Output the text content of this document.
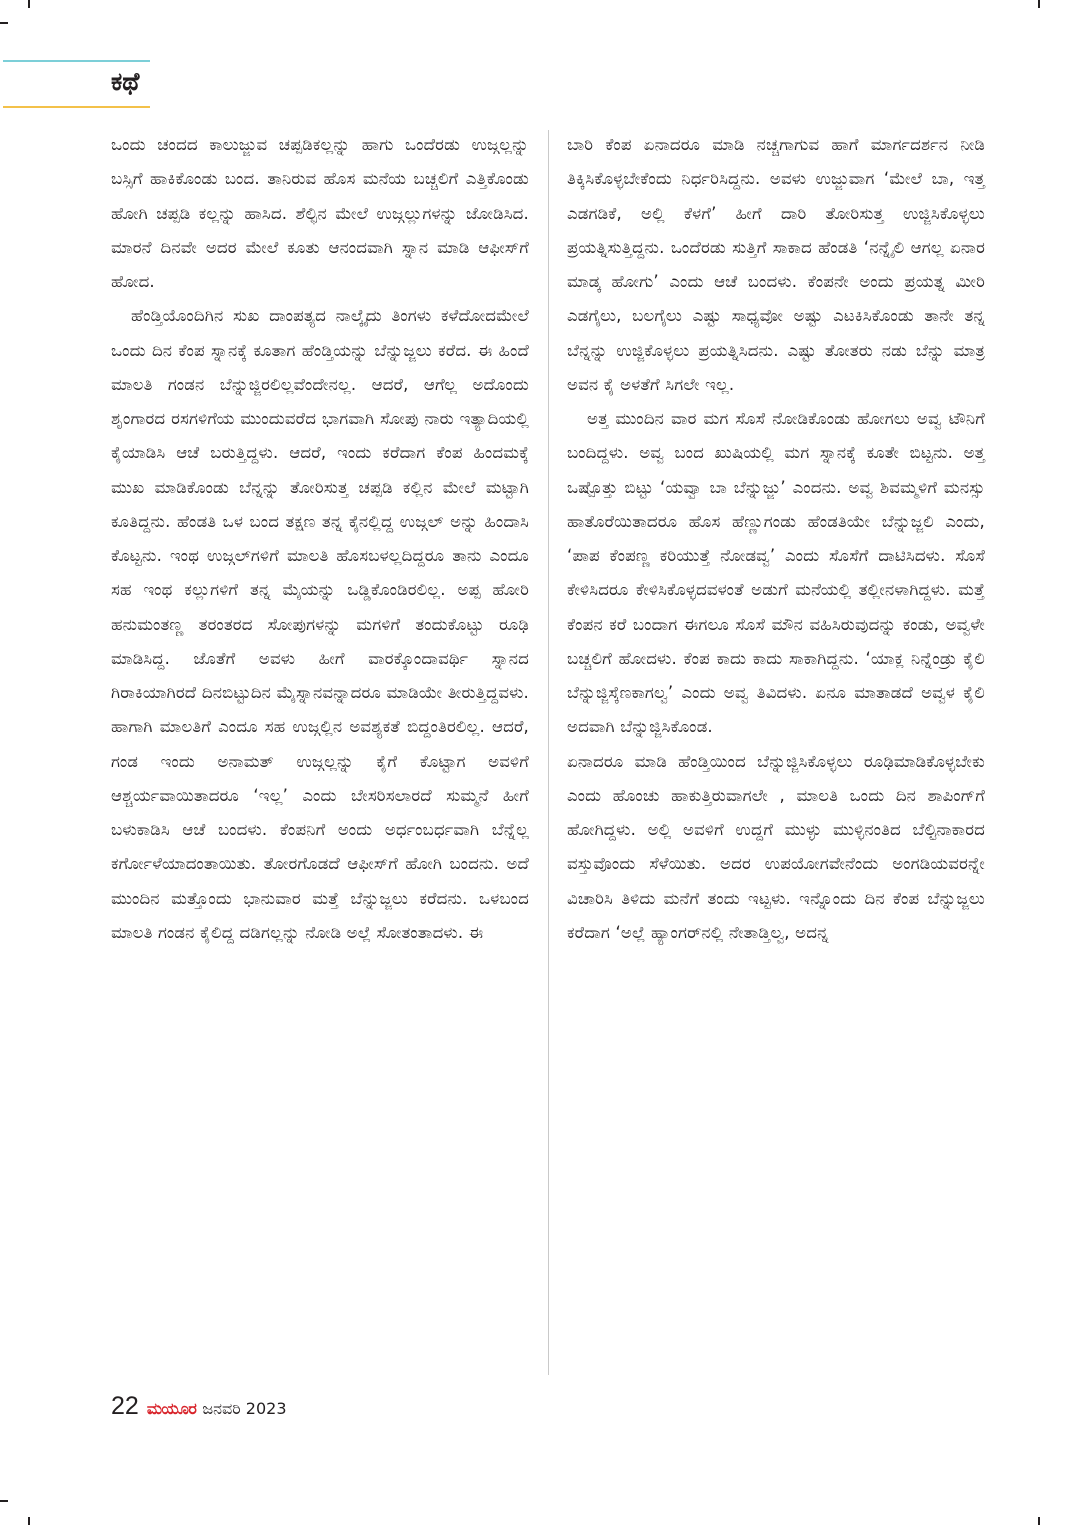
ಕಥೆ

ಒಂದು ಚಂದದ ಕಾಲುಜ್ಜುವ ಚಪ್ಪಡಿಕಲ್ಲನ್ನು ಹಾಗು ಒಂದೆರಡು ಉಜ್ಗಲ್ಲನ್ನು ಬಸ್ಸಿಗೆ ಹಾಕಿಕೊಂಡು ಬಂದ. ತಾನಿರುವ ಹೊಸ ಮನೆಯ ಬಚ್ಚಲಿಗೆ ಎತ್ತಿಕೊಂಡು ಹೋಗಿ ಚಪ್ಪಡಿ ಕಲ್ಲನ್ನು ಹಾಸಿದ. ಶೆಲ್ಫಿನ ಮೇಲೆ ಉಜ್ಗಲ್ಲುಗಳನ್ನು ಜೋಡಿಸಿದ. ಮಾರನೆ ದಿನವೇ ಅದರ ಮೇಲೆ ಕೂತು ಆನಂದವಾಗಿ ಸ್ನಾನ ಮಾಡಿ ಆಫೀಸ್‌ಗೆ ಹೋದ.

ಹೆಂಡ್ತಿಯೊಂದಿಗಿನ ಸುಖ ದಾಂಪತ್ಯದ ನಾಲ್ಕೈದು ತಿಂಗಳು ಕಳೆದೋದಮೇಲೆ ಒಂದು ದಿನ ಕೆಂಪ ಸ್ನಾನಕ್ಕೆ ಕೂತಾಗ ಹೆಂಡ್ತಿಯನ್ನು ಬೆನ್ನುಜ್ಜಲು ಕರೆದ. ಈ ಹಿಂದೆ ಮಾಲತಿ ಗಂಡನ ಬೆನ್ನುಜ್ಜಿರಲಿಲ್ಲವೆಂದೇನಲ್ಲ. ಆದರೆ, ಆಗೆಲ್ಲ ಅದೊಂದು ಶೃಂಗಾರದ ರಸಗಳಿಗೆಯ ಮುಂದುವರೆದ ಭಾಗವಾಗಿ ಸೋಪು ನಾರು ಇತ್ಯಾದಿಯಲ್ಲಿ ಕೈಯಾಡಿಸಿ ಆಚೆ ಬರುತ್ತಿದ್ದಳು. ಆದರೆ, ಇಂದು ಕರೆದಾಗ ಕೆಂಪ ಹಿಂದಮಕ್ಕೆ ಮುಖ ಮಾಡಿಕೊಂಡು ಬೆನ್ನನ್ನು ತೋರಿಸುತ್ತ ಚಪ್ಪಡಿ ಕಲ್ಲಿನ ಮೇಲೆ ಮಟ್ಟಾಗಿ ಕೂತಿದ್ದನು. ಹೆಂಡತಿ ಒಳ ಬಂದ ತಕ್ಷಣ ತನ್ನ ಕೈನಲ್ಲಿದ್ದ ಉಜ್ಗಲ್ ಅನ್ನು ಹಿಂದಾಸಿ ಕೊಟ್ಟನು. ಇಂಥ ಉಜ್ಗಲ್‌ಗಳಿಗೆ ಮಾಲತಿ ಹೊಸಬಳಲ್ಲದಿದ್ದರೂ ತಾನು ಎಂದೂ ಸಹ ಇಂಥ ಕಲ್ಲುಗಳಿಗೆ ತನ್ನ ಮೈಯನ್ನು ಒಡ್ಡಿಕೊಂಡಿರಲಿಲ್ಲ. ಅಪ್ಪ ಹೋರಿ ಹನುಮಂತಣ್ಣ ತರಂತರದ ಸೋಪುಗಳನ್ನು ಮಗಳಿಗೆ ತಂದುಕೊಟ್ಟು ರೂಢಿ ಮಾಡಿಸಿದ್ದ. ಜೊತೆಗೆ ಅವಳು ಹೀಗೆ ವಾರಕ್ಕೊಂದಾವರ್ಥಿ ಸ್ನಾನದ ಗಿರಾಕಿಯಾಗಿರದೆ ದಿನಬಿಟ್ಟುದಿನ ಮೈಸ್ನಾನವನ್ನಾದರೂ ಮಾಡಿಯೇ ತೀರುತ್ತಿದ್ದವಳು. ಹಾಗಾಗಿ ಮಾಲತಿಗೆ ಎಂದೂ ಸಹ ಉಜ್ಗಲ್ಲಿನ ಅವಶ್ಯಕತೆ ಬಿದ್ದಂತಿರಲಿಲ್ಲ. ಆದರೆ, ಗಂಡ ಇಂದು ಅನಾಮತ್ ಉಜ್ಗಲ್ಲನ್ನು ಕೈಗೆ ಕೊಟ್ಟಾಗ ಅವಳಿಗೆ ಆಶ್ಚರ್ಯವಾಯಿತಾದರೂ ‘ಇಲ್ಲ’ ಎಂದು ಬೇಸರಿಸಲಾರದೆ ಸುಮ್ಮನೆ ಹೀಗೆ ಬಳುಕಾಡಿಸಿ ಆಚೆ ಬಂದಳು. ಕೆಂಪನಿಗೆ ಅಂದು ಅರ್ಧಂಬರ್ಧವಾಗಿ ಬೆನ್ನೆಲ್ಲ ಕರ್ಗೋಳೆಯಾದಂತಾಯಿತು. ತೋರಗೊಡದೆ ಆಫೀಸ್‌ಗೆ ಹೋಗಿ ಬಂದನು. ಅದೆ ಮುಂದಿನ ಮತ್ತೊಂದು ಭಾನುವಾರ ಮತ್ತೆ ಬೆನ್ನುಜ್ಜಲು ಕರೆದನು. ಒಳಬಂದ ಮಾಲತಿ ಗಂಡನ ಕೈಲಿದ್ದ ದಡಿಗಲ್ಲನ್ನು ನೋಡಿ ಅಲ್ಲೆ ಸೋತಂತಾದಳು. ಈ

ಬಾರಿ ಕೆಂಪ ಏನಾದರೂ ಮಾಡಿ ನಚ್ಚಗಾಗುವ ಹಾಗೆ ಮಾರ್ಗದರ್ಶನ ನೀಡಿ ತಿಕ್ಕಿಸಿಕೊಳ್ಳಬೇಕೆಂದು ನಿರ್ಧರಿಸಿದ್ದನು. ಅವಳು ಉಜ್ಜುವಾಗ ‘ಮೇಲೆ ಬಾ, ಇತ್ತ ಎಡಗಡಿಕೆ, ಅಲ್ಲಿ ಕೆಳಗೆ’ ಹೀಗೆ ದಾರಿ ತೋರಿಸುತ್ತ ಉಜ್ಜಿಸಿಕೊಳ್ಳಲು ಪ್ರಯತ್ನಿಸುತ್ತಿದ್ದನು. ಒಂದೆರಡು ಸುತ್ತಿಗೆ ಸಾಕಾದ ಹೆಂಡತಿ ‘ನನ್ನೈಲಿ ಆಗಲ್ಲ ಏನಾರ ಮಾಡ್ಕ ಹೋಗು’ ಎಂದು ಆಚೆ ಬಂದಳು. ಕೆಂಪನೇ ಅಂದು ಪ್ರಯತ್ನ ಮೀರಿ ಎಡಗೈಲು, ಬಲಗೈಲು ಎಷ್ಟು ಸಾಧ್ಯವೋ ಅಷ್ಟು ಎಟಕಿಸಿಕೊಂಡು ತಾನೇ ತನ್ನ ಬೆನ್ನನ್ನು ಉಜ್ಜಿಕೊಳ್ಳಲು ಪ್ರಯತ್ನಿಸಿದನು. ಎಷ್ಟು ತೋತರು ನಡು ಬೆನ್ನು ಮಾತ್ರ ಅವನ ಕೈ ಅಳತೆಗೆ ಸಿಗಲೇ ಇಲ್ಲ.

ಅತ್ತ ಮುಂದಿನ ವಾರ ಮಗ ಸೊಸೆ ನೋಡಿಕೊಂಡು ಹೋಗಲು ಅವ್ವ ಟೌನಿಗೆ ಬಂದಿದ್ದಳು. ಅವ್ವ ಬಂದ ಖುಷಿಯಲ್ಲಿ ಮಗ ಸ್ನಾನಕ್ಕೆ ಕೂತೇ ಬಿಟ್ಟನು. ಅತ್ತ ಒಷ್ಪೊತ್ತು ಬಿಟ್ಟು ‘ಯವ್ವಾ ಬಾ ಬೆನ್ನುಜ್ಜು’ ಎಂದನು. ಅವ್ವ ಶಿವಮ್ಮಳಿಗೆ ಮನಸ್ಸು ಹಾತೊರೆಯಿತಾದರೂ ಹೊಸ ಹೆಣ್ಣುಗಂಡು ಹೆಂಡತಿಯೇ ಬೆನ್ನುಜ್ಜಲಿ ಎಂದು, ‘ಪಾಪ ಕೆಂಪಣ್ಣ ಕರಿಯುತ್ತೆ ನೋಡವ್ವ’ ಎಂದು ಸೊಸೆಗೆ ದಾಟಿಸಿದಳು. ಸೊಸೆ ಕೇಳಿಸಿದರೂ ಕೇಳಿಸಿಕೊಳ್ಳದವಳಂತೆ ಅಡುಗೆ ಮನೆಯಲ್ಲಿ ತಲ್ಲೀನಳಾಗಿದ್ದಳು. ಮತ್ತೆ ಕೆಂಪನ ಕರೆ ಬಂದಾಗ ಈಗಲೂ ಸೊಸೆ ಮೌನ ವಹಿಸಿರುವುದನ್ನು ಕಂಡು, ಅವ್ವಳೇ ಬಚ್ಚಲಿಗೆ ಹೋದಳು. ಕೆಂಪ ಕಾದು ಕಾದು ಸಾಕಾಗಿದ್ದನು. ‘ಯಾಕ್ಲ ನಿನ್ನೆಂಡ್ರು ಕೈಲಿ ಬೆನ್ನುಜ್ಜಿಸ್ಕೆಣಕಾಗಲ್ವ’ ಎಂದು ಅವ್ವ ತಿವಿದಳು. ಏನೂ ಮಾತಾಡದೆ ಅವ್ವಳ ಕೈಲಿ ಅದವಾಗಿ ಬೆನ್ನುಜ್ಜಿಸಿಕೊಂಡ.

ಏನಾದರೂ ಮಾಡಿ ಹೆಂಡ್ತಿಯಿಂದ ಬೆನ್ನುಜ್ಜಿಸಿಕೊಳ್ಳಲು ರೂಢಿಮಾಡಿಕೊಳ್ಳಬೇಕು ಎಂದು ಹೊಂಚು ಹಾಕುತ್ತಿರುವಾಗಲೇ , ಮಾಲತಿ ಒಂದು ದಿನ ಶಾಪಿಂಗ್‌ಗೆ ಹೋಗಿದ್ದಳು. ಅಲ್ಲಿ ಅವಳಿಗೆ ಉದ್ದಗೆ ಮುಳ್ಳು ಮುಳ್ಳಿನಂತಿದ ಬೆಲ್ಟಿನಾಕಾರದ ವಸ್ತುವೊಂದು ಸೆಳೆಯಿತು. ಅದರ ಉಪಯೋಗವೇನೆಂದು ಅಂಗಡಿಯವರನ್ನೇ ವಿಚಾರಿಸಿ ತಿಳಿದು ಮನೆಗೆ ತಂದು ಇಟ್ಟಳು. ಇನ್ನೊಂದು ದಿನ ಕೆಂಪ ಬೆನ್ನುಜ್ಜಲು ಕರೆದಾಗ ‘ಅಲ್ಲೆ ಹ್ಯಾಂಗರ್‌ನಲ್ಲಿ ನೇತಾಡ್ತಿಲ್ವ, ಅದನ್ನ

22 ಮಯೂರ ಜನವರಿ 2023
